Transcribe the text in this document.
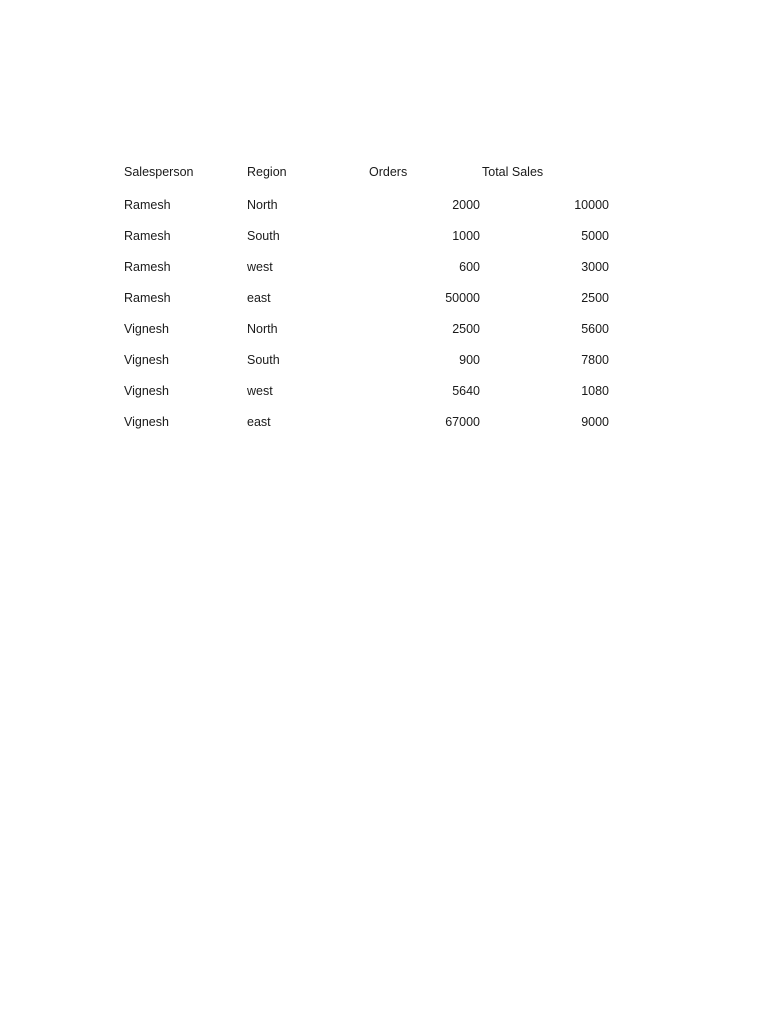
Salesperson	Region	Orders	Total Sales
Ramesh	North	2000	10000
Ramesh	South	1000	5000
Ramesh	west	600	3000
Ramesh	east	50000	2500
Vignesh	North	2500	5600
Vignesh	South	900	7800
Vignesh	west	5640	1080
Vignesh	east	67000	9000
